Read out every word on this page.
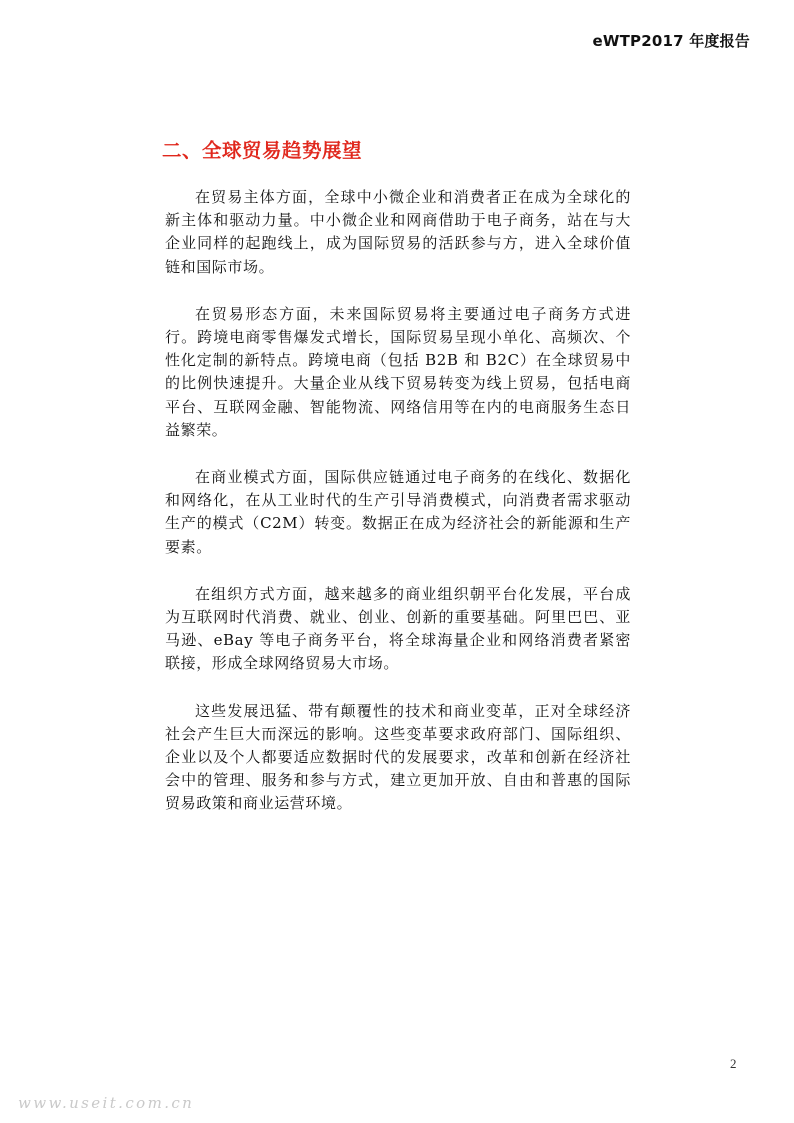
eWTP2017 年度报告
二、全球贸易趋势展望

在贸易主体方面，全球中小微企业和消费者正在成为全球化的新主体和驱动力量。中小微企业和网商借助于电子商务，站在与大企业同样的起跑线上，成为国际贸易的活跃参与方，进入全球价值链和国际市场。

在贸易形态方面，未来国际贸易将主要通过电子商务方式进行。跨境电商零售爆发式增长，国际贸易呈现小单化、高频次、个性化定制的新特点。跨境电商（包括 B2B 和 B2C）在全球贸易中的比例快速提升。大量企业从线下贸易转变为线上贸易，包括电商平台、互联网金融、智能物流、网络信用等在内的电商服务生态日益繁荣。

在商业模式方面，国际供应链通过电子商务的在线化、数据化和网络化，在从工业时代的生产引导消费模式，向消费者需求驱动生产的模式（C2M）转变。数据正在成为经济社会的新能源和生产要素。

在组织方式方面，越来越多的商业组织朝平台化发展，平台成为互联网时代消费、就业、创业、创新的重要基础。阿里巴巴、亚马逊、eBay 等电子商务平台，将全球海量企业和网络消费者紧密联接，形成全球网络贸易大市场。

这些发展迅猛、带有颠覆性的技术和商业变革，正对全球经济社会产生巨大而深远的影响。这些变革要求政府部门、国际组织、企业以及个人都要适应数据时代的发展要求，改革和创新在经济社会中的管理、服务和参与方式，建立更加开放、自由和普惠的国际贸易政策和商业运营环境。

2
www.useit.com.cn
